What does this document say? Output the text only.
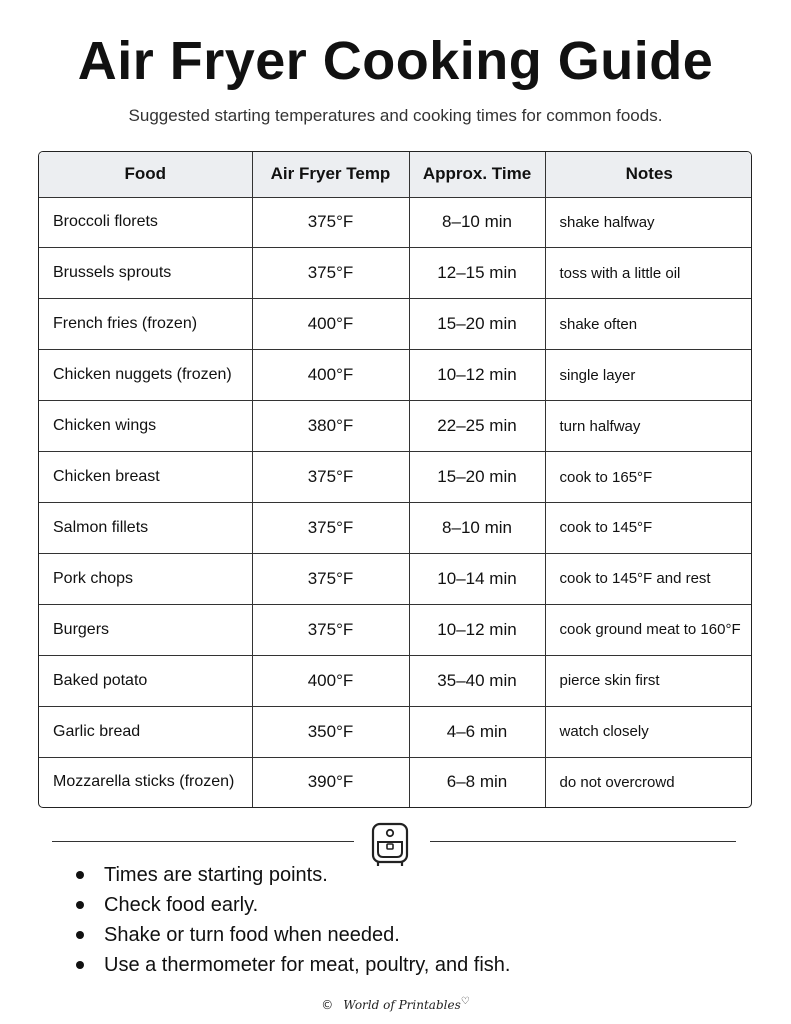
Air Fryer Cooking Guide
Suggested starting temperatures and cooking times for common foods.
Food	Air Fryer Temp	Approx. Time	Notes
Broccoli florets	375°F	8–10 min	shake halfway
Brussels sprouts	375°F	12–15 min	toss with a little oil
French fries (frozen)	400°F	15–20 min	shake often
Chicken nuggets (frozen)	400°F	10–12 min	single layer
Chicken wings	380°F	22–25 min	turn halfway
Chicken breast	375°F	15–20 min	cook to 165°F
Salmon fillets	375°F	8–10 min	cook to 145°F
Pork chops	375°F	10–14 min	cook to 145°F and rest
Burgers	375°F	10–12 min	cook ground meat to 160°F
Baked potato	400°F	35–40 min	pierce skin first
Garlic bread	350°F	4–6 min	watch closely
Mozzarella sticks (frozen)	390°F	6–8 min	do not overcrowd
Times are starting points.
Check food early.
Shake or turn food when needed.
Use a thermometer for meat, poultry, and fish.
© World of Printables♡
